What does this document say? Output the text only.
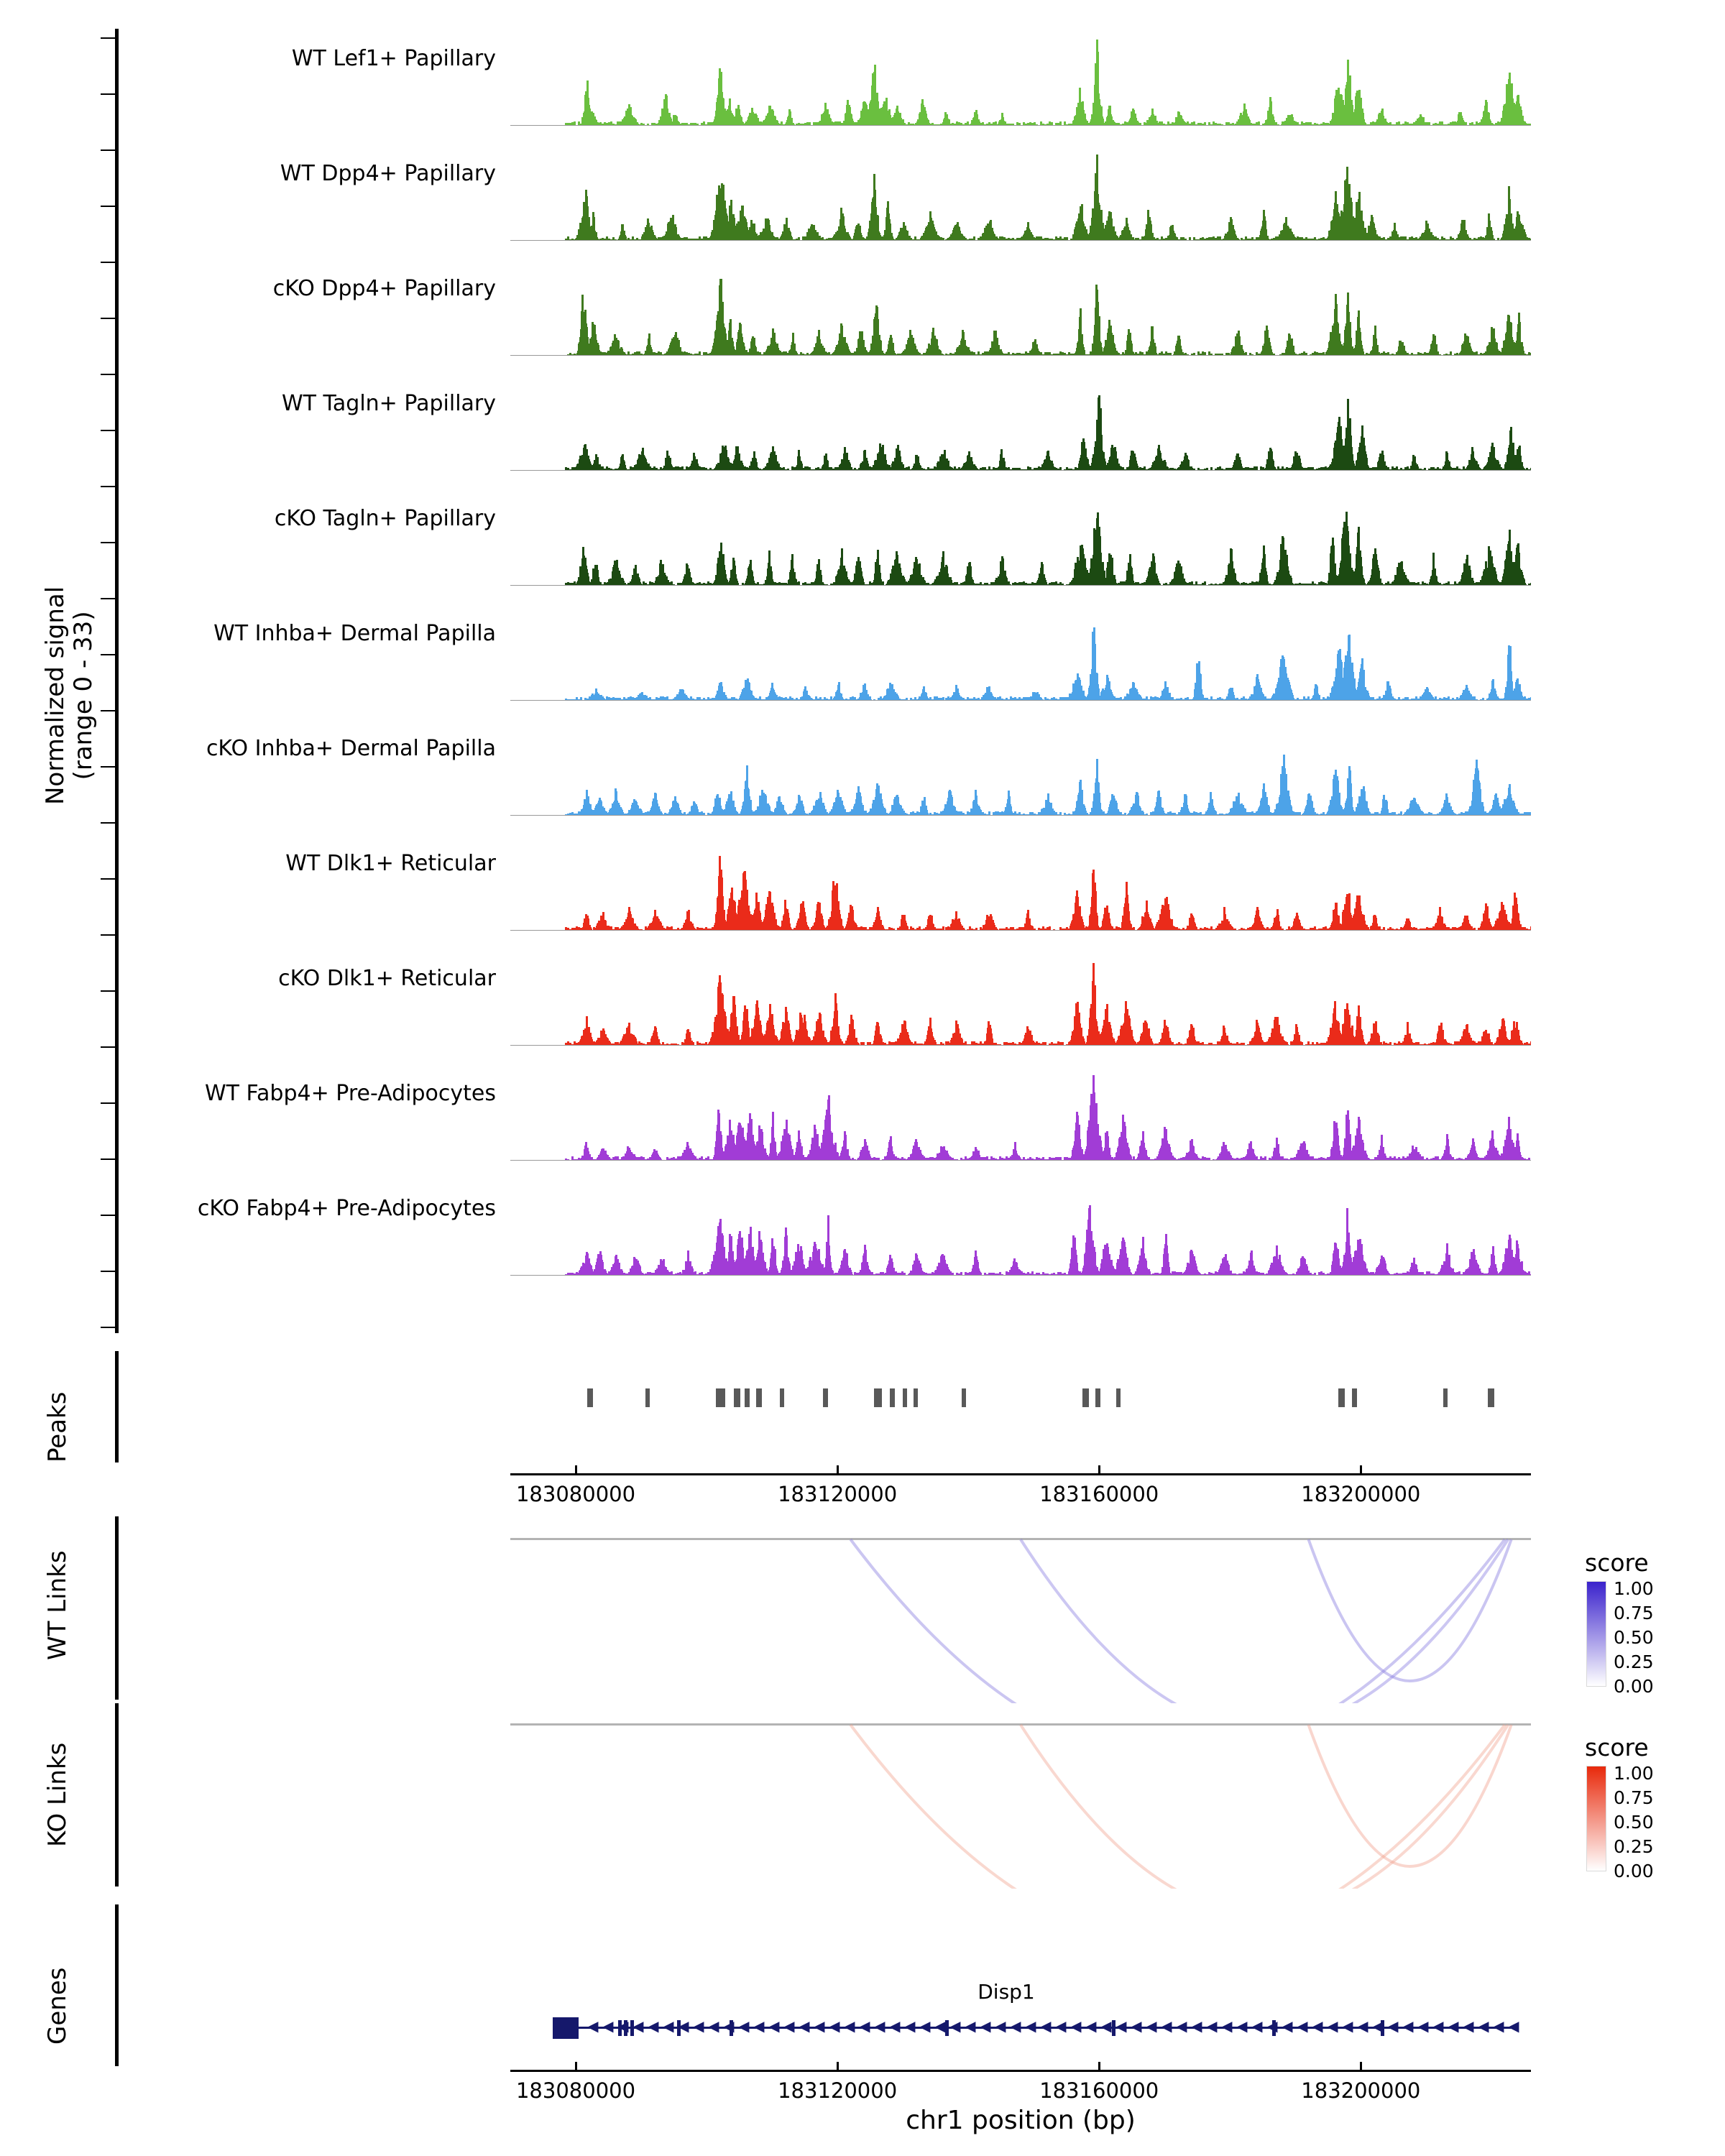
Normalized signal
(range 0 - 33)
WT Lef1+ Papillary
WT Dpp4+ Papillary
cKO Dpp4+ Papillary
WT Tagln+ Papillary
cKO Tagln+ Papillary
WT Inhba+ Dermal Papilla
cKO Inhba+ Dermal Papilla
WT Dlk1+ Reticular
cKO Dlk1+ Reticular
WT Fabp4+ Pre-Adipocytes
cKO Fabp4+ Pre-Adipocytes
Peaks
183080000	183120000	183160000	183200000
WT Links	score
1.00
0.75
0.50
0.25
0.00
KO Links	score
1.00
0.75
0.50
0.25
0.00
Genes	Disp1
◀ ◀ ◀ ◀ ◀ ◀ ◀ ◀ ◀ ◀ ◀ ◀ ◀ ◀ ◀ ◀ ◀ ◀ ◀ ◀ ◀ ◀ ◀ ◀ ◀ ◀ ◀ ◀ ◀ ◀ ◀ ◀ ◀ ◀ ◀ ◀ ◀ ◀ ◀ ◀ ◀ ◀ ◀ ◀ ◀ ◀ ◀ ◀ ◀ ◀ ◀ ◀ ◀ ◀ ◀ ◀ ◀ ◀ ◀ ◀ ◀ ◀
183080000	183120000	183160000	183200000
chr1 position (bp)
